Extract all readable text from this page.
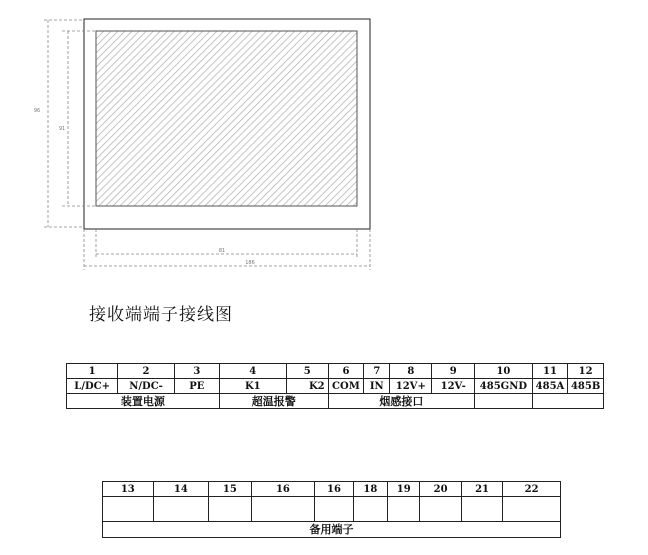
96
91
81
186
接收端端子接线图
1	2	3	4	5	6	7	8	9	10	11	12
L/DC+	N/DC-	PE	K1	K2	COM	IN	12V+	12V-	485GND	485A	485B
装置电源			超温报警		烟感接口						
13	14	15	16	16	18	19	20	21	22

备用端子									
